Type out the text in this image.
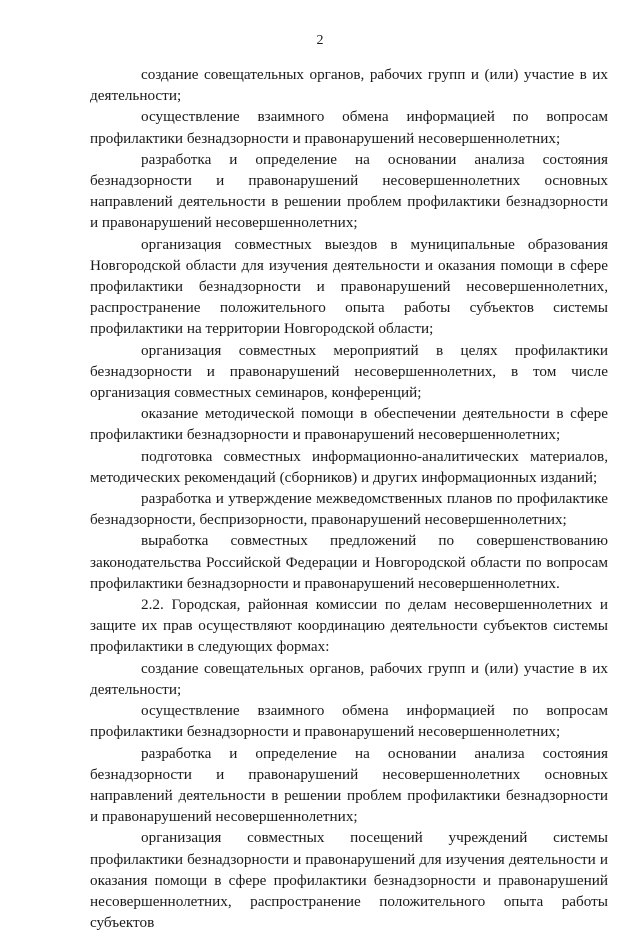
2

создание совещательных органов, рабочих групп и (или) участие в их деятельности;

осуществление взаимного обмена информацией по вопросам профилактики безнадзорности и правонарушений несовершеннолетних;

разработка и определение на основании анализа состояния безнадзорности и правонарушений несовершеннолетних основных направлений деятельности в решении проблем профилактики безнадзорности и правонарушений несовершеннолетних;

организация совместных выездов в муниципальные образования Новгородской области для изучения деятельности и оказания помощи в сфере профилактики безнадзорности и правонарушений несовершеннолетних, распространение положительного опыта работы субъектов системы профилактики на территории Новгородской области;

организация совместных мероприятий в целях профилактики безнадзорности и правонарушений несовершеннолетних, в том числе организация совместных семинаров, конференций;

оказание методической помощи в обеспечении деятельности в сфере профилактики безнадзорности и правонарушений несовершеннолетних;

подготовка совместных информационно-аналитических материалов, методических рекомендаций (сборников) и других информационных изданий;

разработка и утверждение межведомственных планов по профилактике безнадзорности, беспризорности, правонарушений несовершеннолетних;

выработка совместных предложений по совершенствованию законодательства Российской Федерации и Новгородской области по вопросам профилактики безнадзорности и правонарушений несовершеннолетних.

2.2. Городская, районная комиссии по делам несовершеннолетних и защите их прав осуществляют координацию деятельности субъектов системы профилактики в следующих формах:

создание совещательных органов, рабочих групп и (или) участие в их деятельности;

осуществление взаимного обмена информацией по вопросам профилактики безнадзорности и правонарушений несовершеннолетних;

разработка и определение на основании анализа состояния безнадзорности и правонарушений несовершеннолетних основных направлений деятельности в решении проблем профилактики безнадзорности и правонарушений несовершеннолетних;

организация совместных посещений учреждений системы профилактики безнадзорности и правонарушений для изучения деятельности и оказания помощи в сфере профилактики безнадзорности и правонарушений несовершеннолетних, распространение положительного опыта работы субъектов
